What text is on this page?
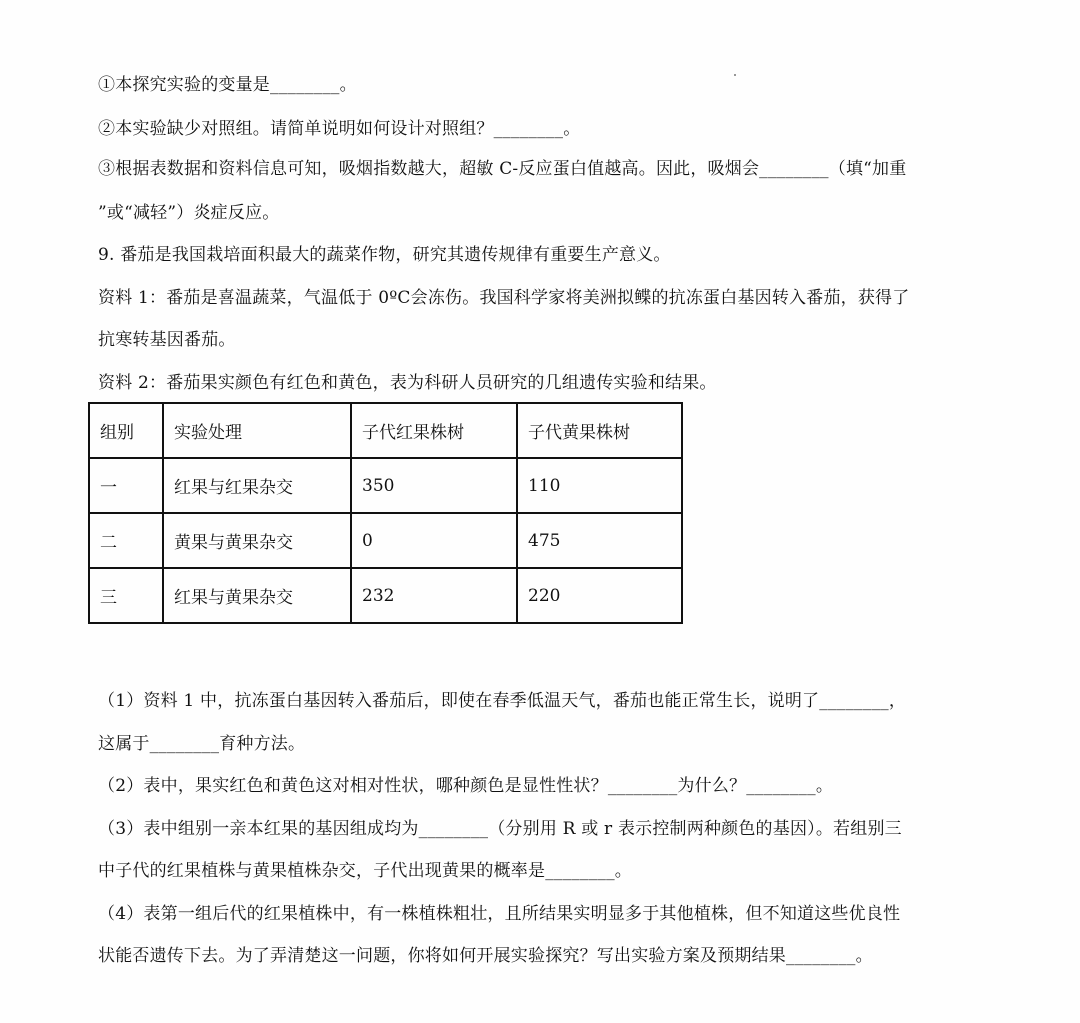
①本探究实验的变量是________。
②本实验缺少对照组。请简单说明如何设计对照组？________。
③根据表数据和资料信息可知，吸烟指数越大，超敏 C-反应蛋白值越高。因此，吸烟会________（填“加重
”或“减轻”）炎症反应。
9. 番茄是我国栽培面积最大的蔬菜作物，研究其遗传规律有重要生产意义。
资料 1：番茄是喜温蔬菜，气温低于 0ºC会冻伤。我国科学家将美洲拟鲽的抗冻蛋白基因转入番茄，获得了
抗寒转基因番茄。
资料 2：番茄果实颜色有红色和黄色，表为科研人员研究的几组遗传实验和结果。
组别	实验处理	子代红果株树	子代黄果株树
一	红果与红果杂交	350	110
二	黄果与黄果杂交	0	475
三	红果与黄果杂交	232	220
（1）资料 1 中，抗冻蛋白基因转入番茄后，即使在春季低温天气，番茄也能正常生长，说明了________，
这属于________育种方法。
（2）表中，果实红色和黄色这对相对性状，哪种颜色是显性性状？________为什么？________。
（3）表中组别一亲本红果的基因组成均为________（分别用 R 或 r 表示控制两种颜色的基因）。若组别三
中子代的红果植株与黄果植株杂交，子代出现黄果的概率是________。
（4）表第一组后代的红果植株中，有一株植株粗壮，且所结果实明显多于其他植株，但不知道这些优良性
状能否遗传下去。为了弄清楚这一问题，你将如何开展实验探究？写出实验方案及预期结果________。
